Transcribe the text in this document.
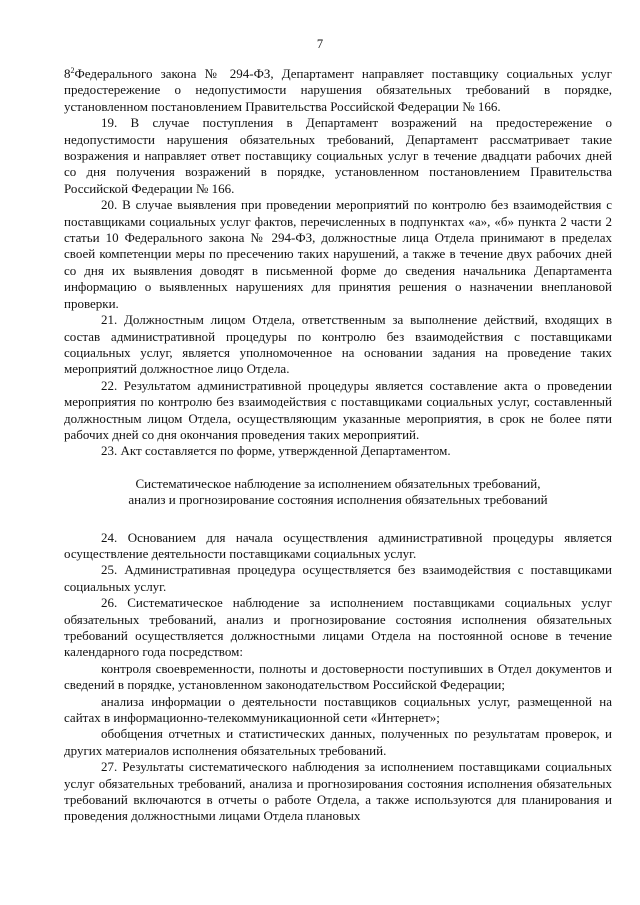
7

$8^2Федерального$ закона № 294-ФЗ, Департамент направляет поставщику социальных услуг предостережение о недопустимости нарушения обязательных требований в порядке, установленном постановлением Правительства Российской Федерации № 166.

19. В случае поступления в Департамент возражений на предостережение о недопустимости нарушения обязательных требований, Департамент рассматривает такие возражения и направляет ответ поставщику социальных услуг в течение двадцати рабочих дней со дня получения возражений в порядке, установленном постановлением Правительства Российской Федерации № 166.

20. В случае выявления при проведении мероприятий по контролю без взаимодействия с поставщиками социальных услуг фактов, перечисленных в подпунктах «а», «б» пункта 2 части 2 статьи 10 Федерального закона № 294-ФЗ, должностные лица Отдела принимают в пределах своей компетенции меры по пресечению таких нарушений, а также в течение двух рабочих дней со дня их выявления доводят в письменной форме до сведения начальника Департамента информацию о выявленных нарушениях для принятия решения о назначении внеплановой проверки.

21. Должностным лицом Отдела, ответственным за выполнение действий, входящих в состав административной процедуры по контролю без взаимодействия с поставщиками социальных услуг, является уполномоченное на основании задания на проведение таких мероприятий должностное лицо Отдела.

22. Результатом административной процедуры является составление акта о проведении мероприятия по контролю без взаимодействия с поставщиками социальных услуг, составленный должностным лицом Отдела, осуществляющим указанные мероприятия, в срок не более пяти рабочих дней со дня окончания проведения таких мероприятий.

23. Акт составляется по форме, утвержденной Департаментом.

Систематическое наблюдение за исполнением обязательных требований,

анализ и прогнозирование состояния исполнения обязательных требований

24. Основанием для начала осуществления административной процедуры является осуществление деятельности поставщиками социальных услуг.

25. Административная процедура осуществляется без взаимодействия с поставщиками социальных услуг.

26. Систематическое наблюдение за исполнением поставщиками социальных услуг обязательных требований, анализ и прогнозирование состояния исполнения обязательных требований осуществляется должностными лицами Отдела на постоянной основе в течение календарного года посредством:

контроля своевременности, полноты и достоверности поступивших в Отдел документов и сведений в порядке, установленном законодательством Российской Федерации;

анализа информации о деятельности поставщиков социальных услуг, размещенной на сайтах в информационно-телекоммуникационной сети «Интернет»;

обобщения отчетных и статистических данных, полученных по результатам проверок, и других материалов исполнения обязательных требований.

27. Результаты систематического наблюдения за исполнением поставщиками социальных услуг обязательных требований, анализа и прогнозирования состояния исполнения обязательных требований включаются в отчеты о работе Отдела, а также используются для планирования и проведения должностными лицами Отдела плановых
